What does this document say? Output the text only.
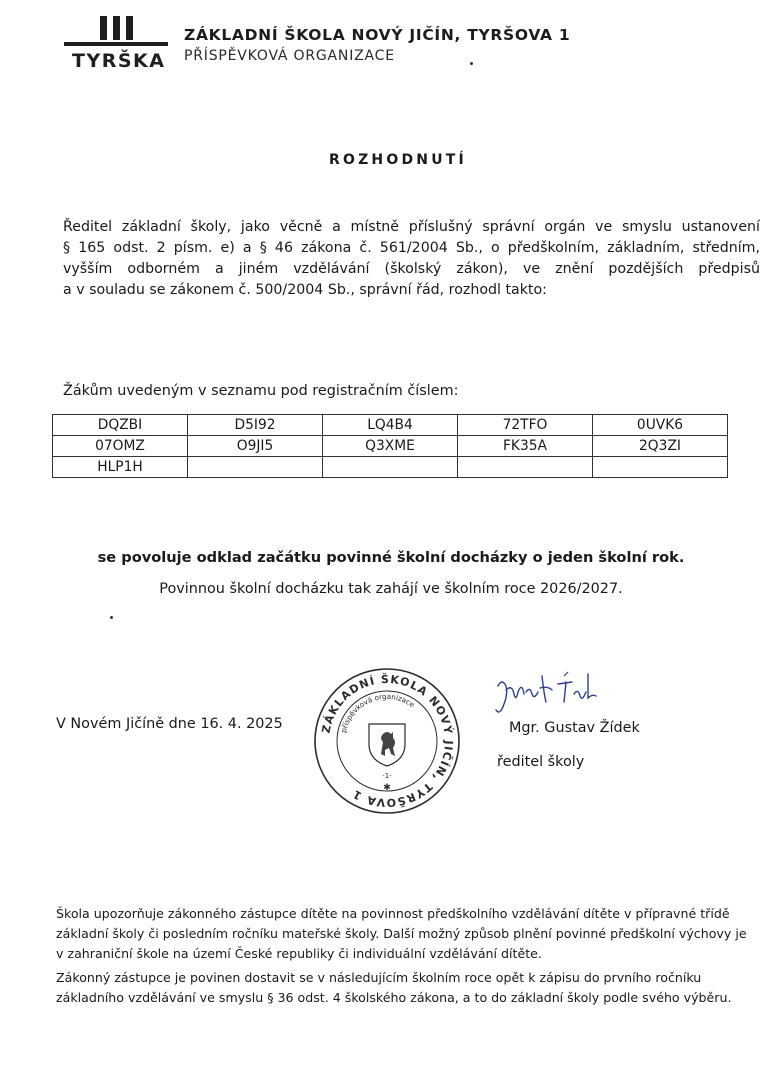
TYRŠKA
ZÁKLADNÍ ŠKOLA NOVÝ JIČÍN, TYRŠOVA 1
PŘÍSPĚVKOVÁ ORGANIZACE
ROZHODNUTÍ
Ředitel základní školy, jako věcně a místně příslušný správní orgán ve smyslu ustanovení
§ 165 odst. 2 písm. e) a § 46 zákona č. 561/2004 Sb., o předškolním, základním, středním,
vyšším odborném a jiném vzdělávání (školský zákon), ve znění pozdějších předpisů
a v souladu se zákonem č. 500/2004 Sb., správní řád, rozhodl takto:
Žákům uvedeným v seznamu pod registračním číslem:
DQZBI	D5I92	LQ4B4	72TFO	0UVK6
07OMZ	O9JI5	Q3XME	FK35A	2Q3ZI
HLP1H				
se povoluje odklad začátku povinné školní docházky o jeden školní rok.
Povinnou školní docházku tak zahájí ve školním roce 2026/2027.
V Novém Jičíně dne 16. 4. 2025	ZÁKLADNÍ ŠKOLA NOVÝ JIČÍN, TYRŠOVA 1
příspěvková organizace
-1-
✱
Mgr. Gustav Žídek
ředitel školy
Škola upozorňuje zákonného zástupce dítěte na povinnost předškolního vzdělávání dítěte v přípravné třídě
základní školy či posledním ročníku mateřské školy. Další možný způsob plnění povinné předškolní výchovy je
v zahraniční škole na území České republiky či individuální vzdělávání dítěte.
Zákonný zástupce je povinen dostavit se v následujícím školním roce opět k zápisu do prvního ročníku
základního vzdělávání ve smyslu § 36 odst. 4 školského zákona, a to do základní školy podle svého výběru.
